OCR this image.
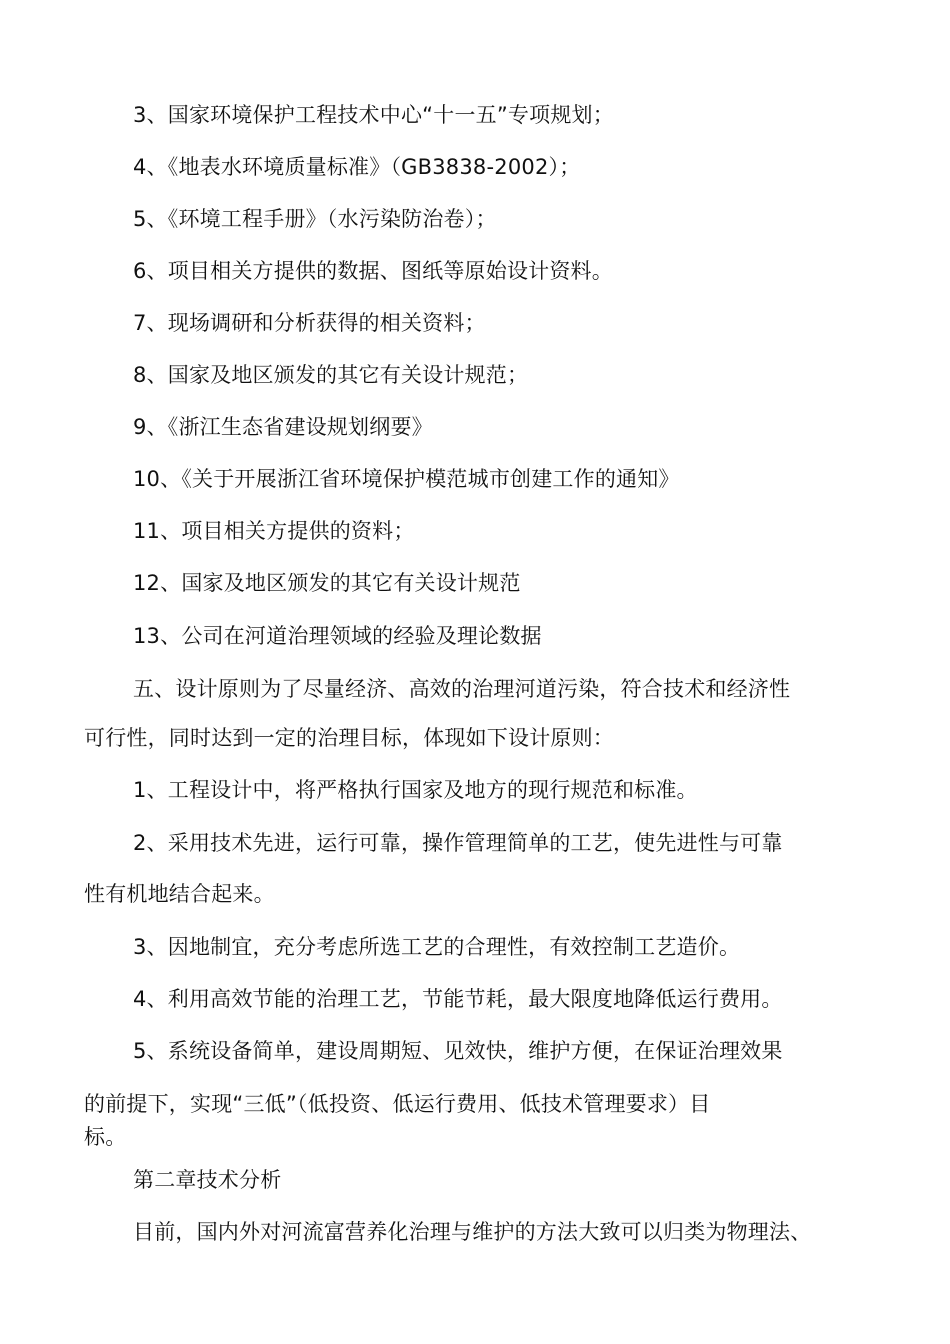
3、国家环境保护工程技术中心“十一五”专项规划；
4、《地表水环境质量标准》（GB3838-2002）；
5、《环境工程手册》（水污染防治卷）；
6、项目相关方提供的数据、图纸等原始设计资料。
7、现场调研和分析获得的相关资料；
8、国家及地区颁发的其它有关设计规范；
9、《浙江生态省建设规划纲要》
10、《关于开展浙江省环境保护模范城市创建工作的通知》
11、项目相关方提供的资料；
12、国家及地区颁发的其它有关设计规范
13、公司在河道治理领域的经验及理论数据
五、设计原则为了尽量经济、高效的治理河道污染，符合技术和经济性
可行性，同时达到一定的治理目标，体现如下设计原则：
1、工程设计中，将严格执行国家及地方的现行规范和标准。
2、采用技术先进，运行可靠，操作管理简单的工艺，使先进性与可靠
性有机地结合起来。
3、因地制宜，充分考虑所选工艺的合理性，有效控制工艺造价。
4、利用高效节能的治理工艺，节能节耗，最大限度地降低运行费用。
5、系统设备简单，建设周期短、见效快，维护方便，在保证治理效果
的前提下，实现“三低”（低投资、低运行费用、低技术管理要求）目
标。
第二章技术分析
目前，国内外对河流富营养化治理与维护的方法大致可以归类为物理法、
